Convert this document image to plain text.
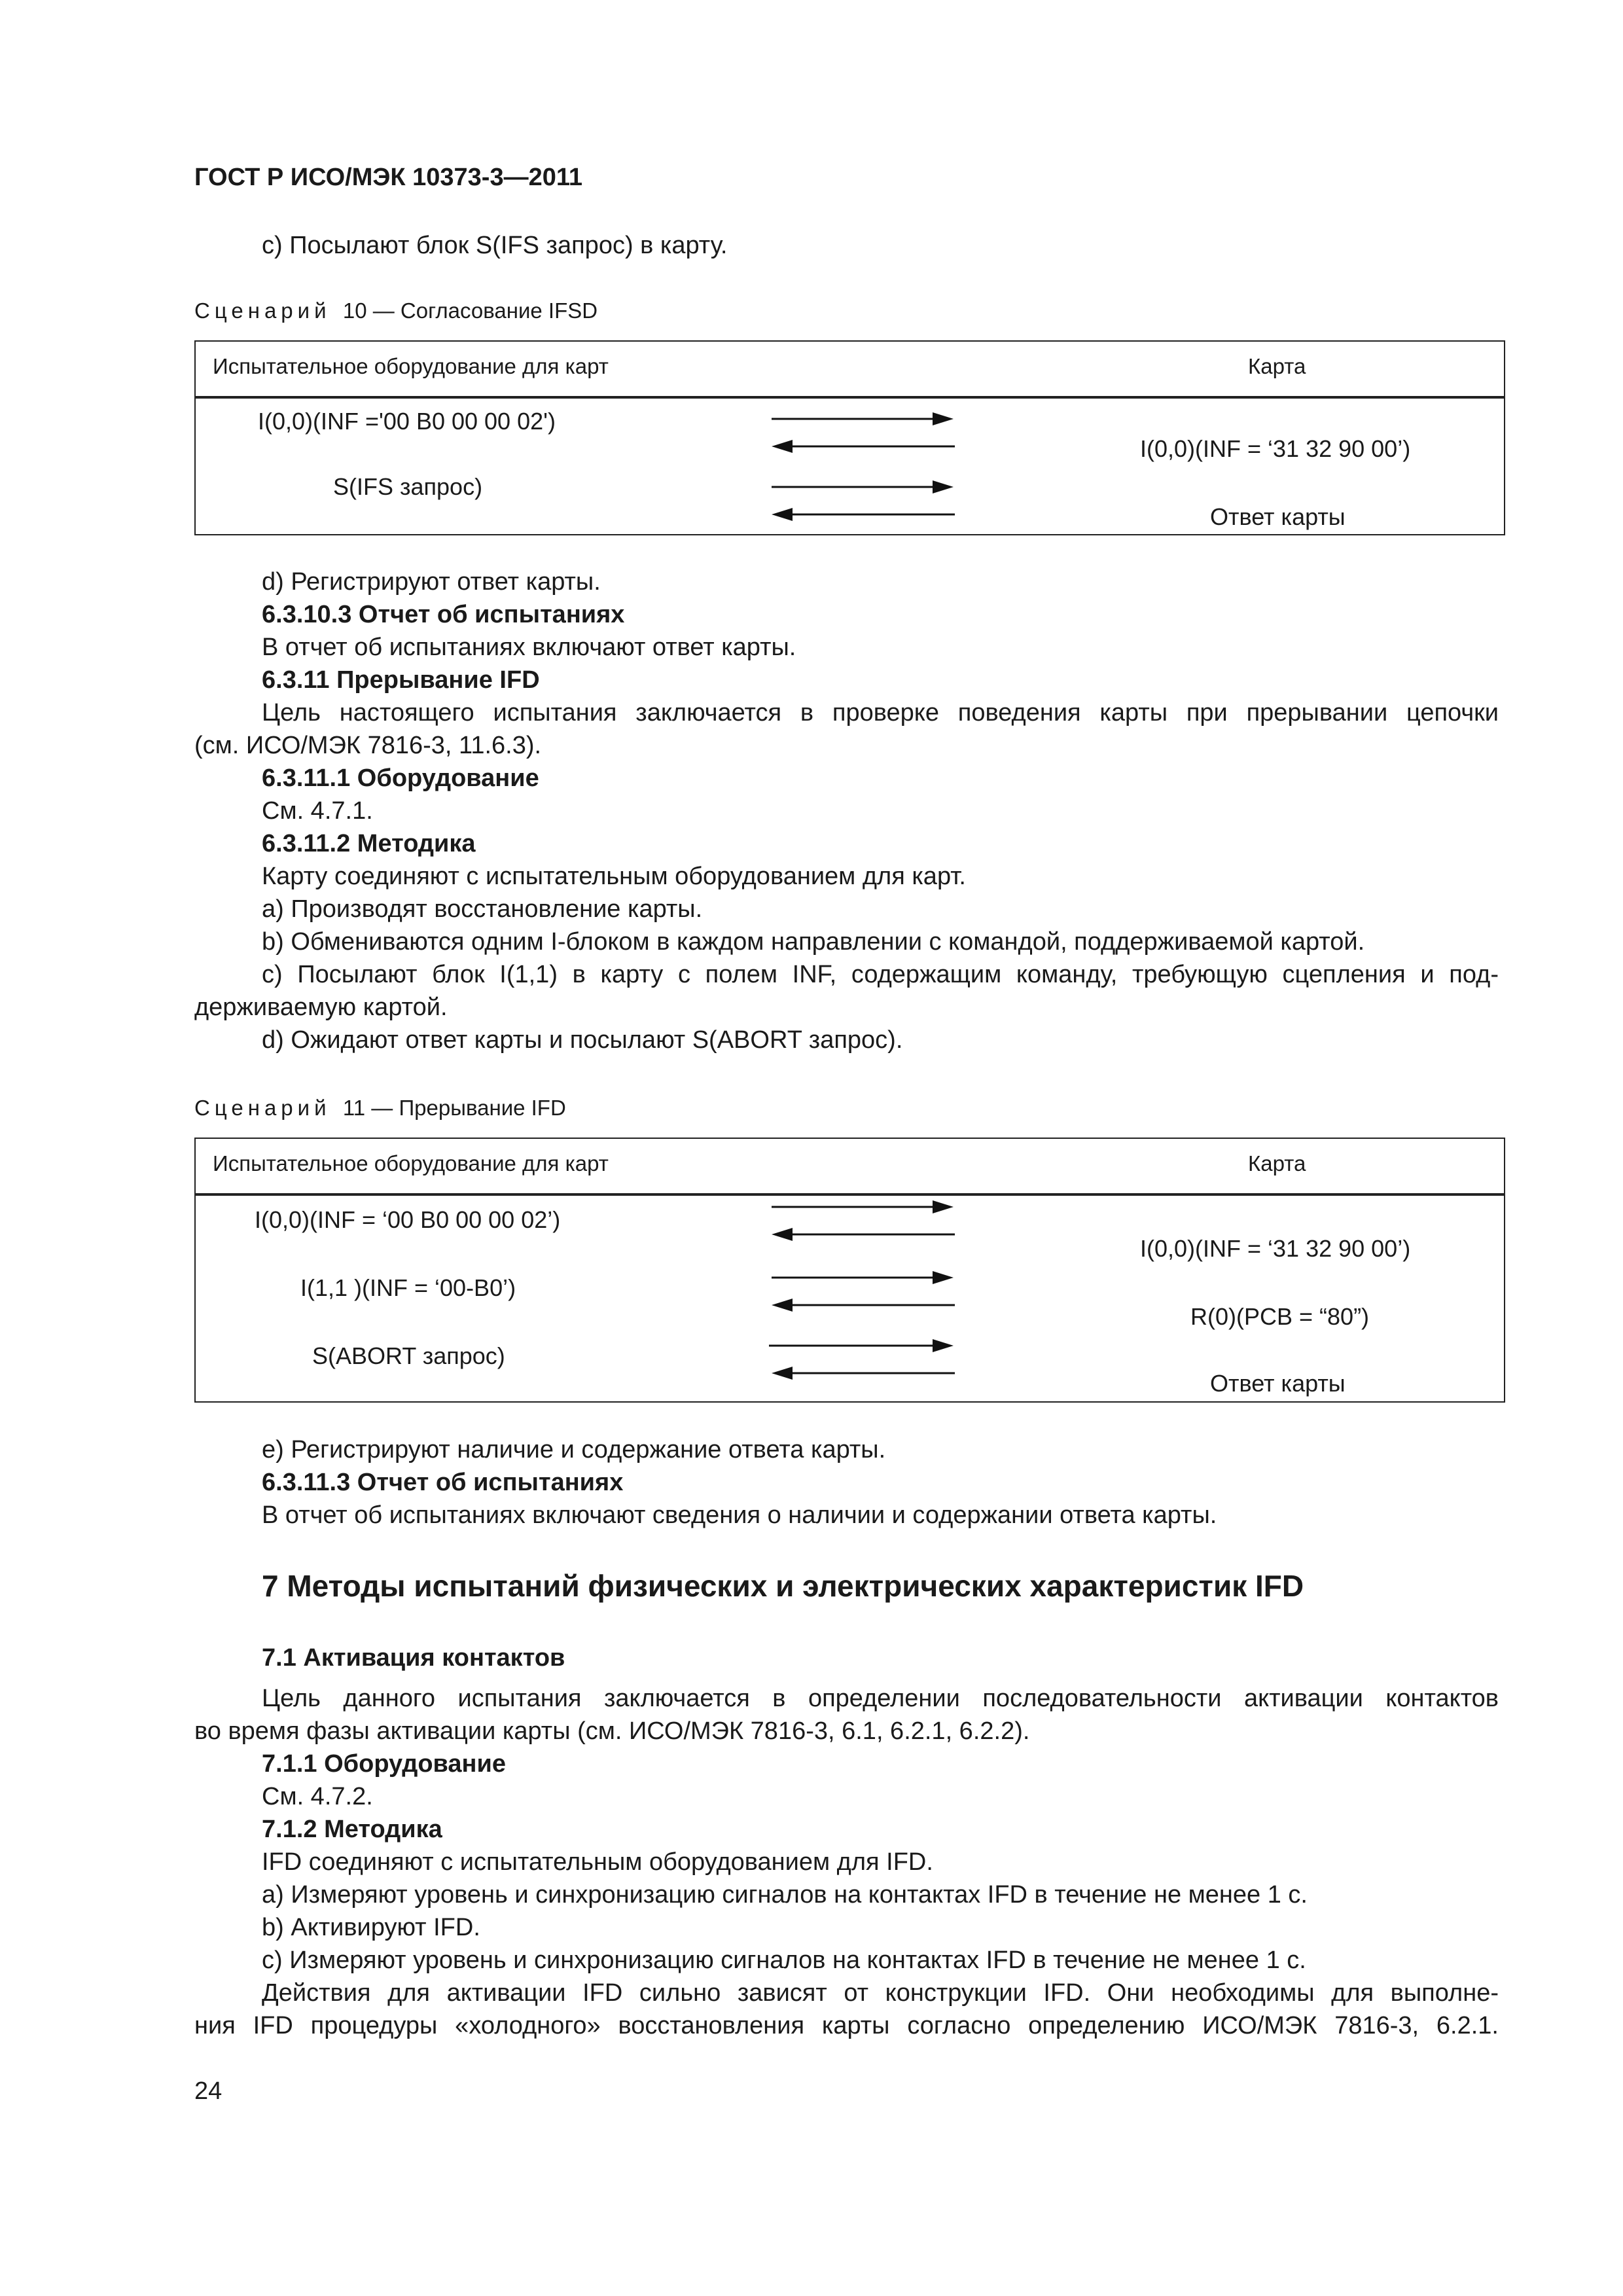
ГОСТ Р ИСО/МЭК 10373-3—2011
c) Посылают блок S(IFS запрос) в карту.
Сценарий 10 — Согласование IFSD
Испытательное оборудование для карт	Карта
I(0,0)(INF ='00 B0 00 00 02')
I(0,0)(INF = ‘31 32 90 00’)
S(IFS запрос)
Ответ карты
d) Регистрируют ответ карты.
6.3.10.3 Отчет об испытаниях
В отчет об испытаниях включают ответ карты.
6.3.11 Прерывание IFD
Цель настоящего испытания заключается в проверке поведения карты при прерывании цепочки
(см. ИСО/МЭК 7816-3, 11.6.3).
6.3.11.1 Оборудование
См. 4.7.1.
6.3.11.2 Методика
Карту соединяют с испытательным оборудованием для карт.
a) Производят восстановление карты.
b) Обмениваются одним I-блоком в каждом направлении с командой, поддерживаемой картой.
c) Посылают блок I(1,1) в карту с полем INF, содержащим команду, требующую сцепления и под-
держиваемую картой.
d) Ожидают ответ карты и посылают S(ABORT запрос).
Сценарий 11 — Прерывание IFD
Испытательное оборудование для карт	Карта
I(0,0)(INF = ‘00 B0 00 00 02’)
I(0,0)(INF = ‘31 32 90 00’)
I(1,1 )(INF = ‘00-B0’)
R(0)(PCB = “80”)
S(ABORT запрос)
Ответ карты
e) Регистрируют наличие и содержание ответа карты.
6.3.11.3 Отчет об испытаниях
В отчет об испытаниях включают сведения о наличии и содержании ответа карты.
7 Методы испытаний физических и электрических характеристик IFD
7.1 Активация контактов
Цель данного испытания заключается в определении последовательности активации контактов
во время фазы активации карты (см. ИСО/МЭК 7816-3, 6.1, 6.2.1, 6.2.2).
7.1.1 Оборудование
См. 4.7.2.
7.1.2 Методика
IFD соединяют с испытательным оборудованием для IFD.
a) Измеряют уровень и синхронизацию сигналов на контактах IFD в течение не менее 1 с.
b) Активируют IFD.
c) Измеряют уровень и синхронизацию сигналов на контактах IFD в течение не менее 1 с.
Действия для активации IFD сильно зависят от конструкции IFD. Они необходимы для выполне-
ния IFD процедуры «холодного» восстановления карты согласно определению ИСО/МЭК 7816-3, 6.2.1.
24
